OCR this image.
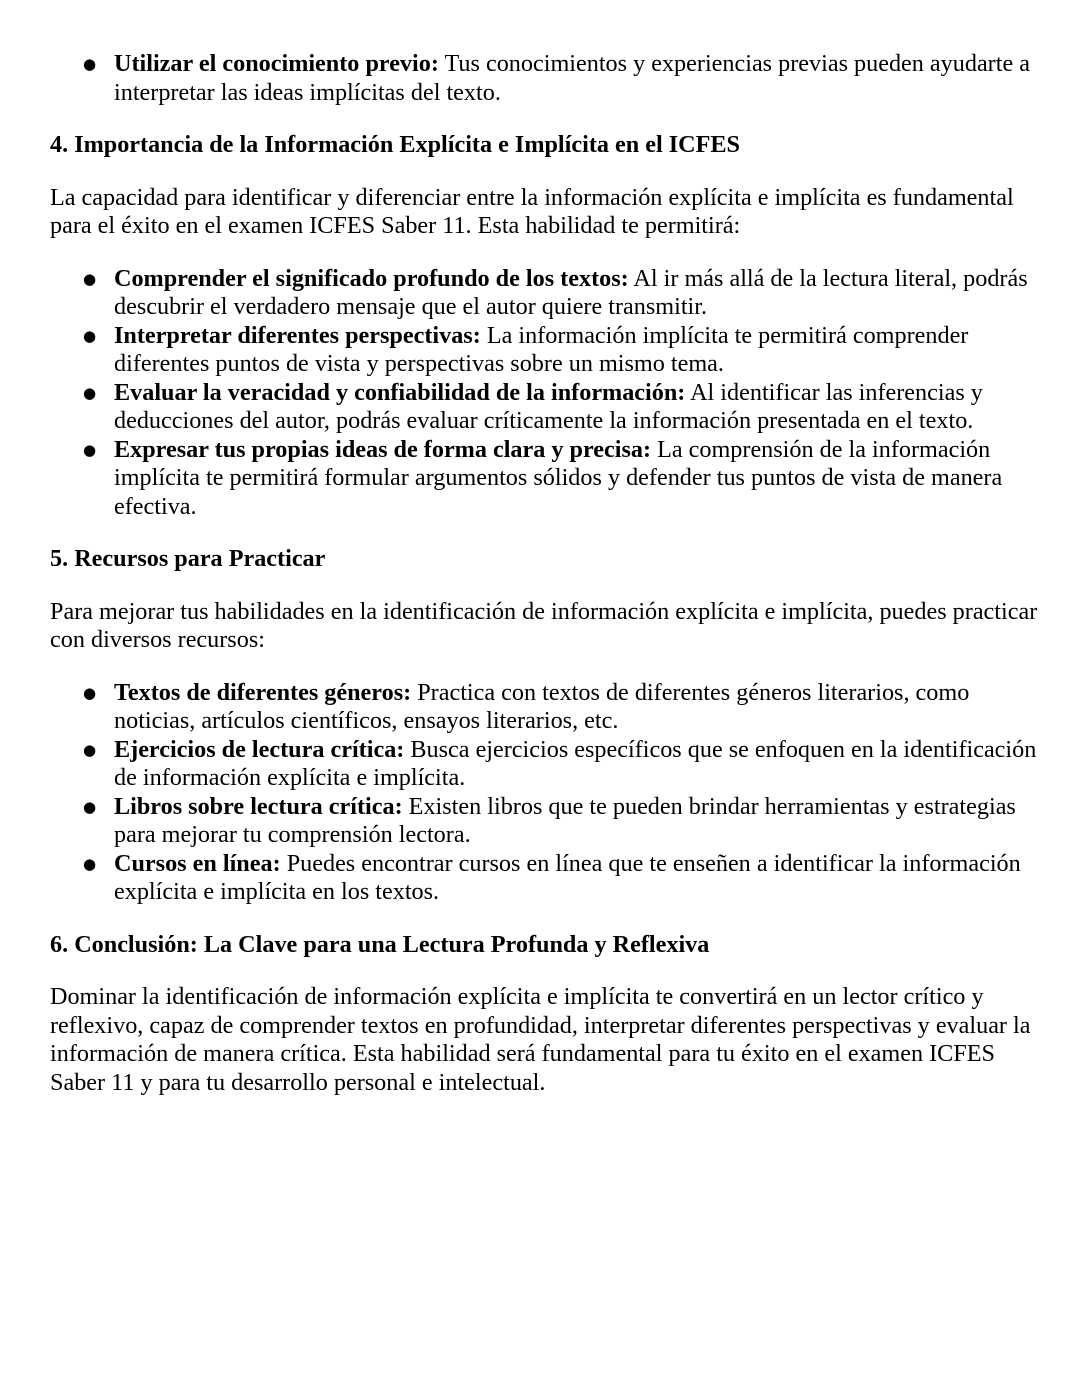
● Utilizar el conocimiento previo: Tus conocimientos y experiencias previas pueden ayudarte a interpretar las ideas implícitas del texto.
4. Importancia de la Información Explícita e Implícita en el ICFES

La capacidad para identificar y diferenciar entre la información explícita e implícita es fundamental para el éxito en el examen ICFES Saber 11. Esta habilidad te permitirá:

● Comprender el significado profundo de los textos: Al ir más allá de la lectura literal, podrás descubrir el verdadero mensaje que el autor quiere transmitir.
● Interpretar diferentes perspectivas: La información implícita te permitirá comprender diferentes puntos de vista y perspectivas sobre un mismo tema.
● Evaluar la veracidad y confiabilidad de la información: Al identificar las inferencias y deducciones del autor, podrás evaluar críticamente la información presentada en el texto.
● Expresar tus propias ideas de forma clara y precisa: La comprensión de la información implícita te permitirá formular argumentos sólidos y defender tus puntos de vista de manera efectiva.
5. Recursos para Practicar

Para mejorar tus habilidades en la identificación de información explícita e implícita, puedes practicar con diversos recursos:

● Textos de diferentes géneros: Practica con textos de diferentes géneros literarios, como noticias, artículos científicos, ensayos literarios, etc.
● Ejercicios de lectura crítica: Busca ejercicios específicos que se enfoquen en la identificación de información explícita e implícita.
● Libros sobre lectura crítica: Existen libros que te pueden brindar herramientas y estrategias para mejorar tu comprensión lectora.
● Cursos en línea: Puedes encontrar cursos en línea que te enseñen a identificar la información explícita e implícita en los textos.
6. Conclusión: La Clave para una Lectura Profunda y Reflexiva

Dominar la identificación de información explícita e implícita te convertirá en un lector crítico y reflexivo, capaz de comprender textos en profundidad, interpretar diferentes perspectivas y evaluar la información de manera crítica. Esta habilidad será fundamental para tu éxito en el examen ICFES Saber 11 y para tu desarrollo personal e intelectual.
